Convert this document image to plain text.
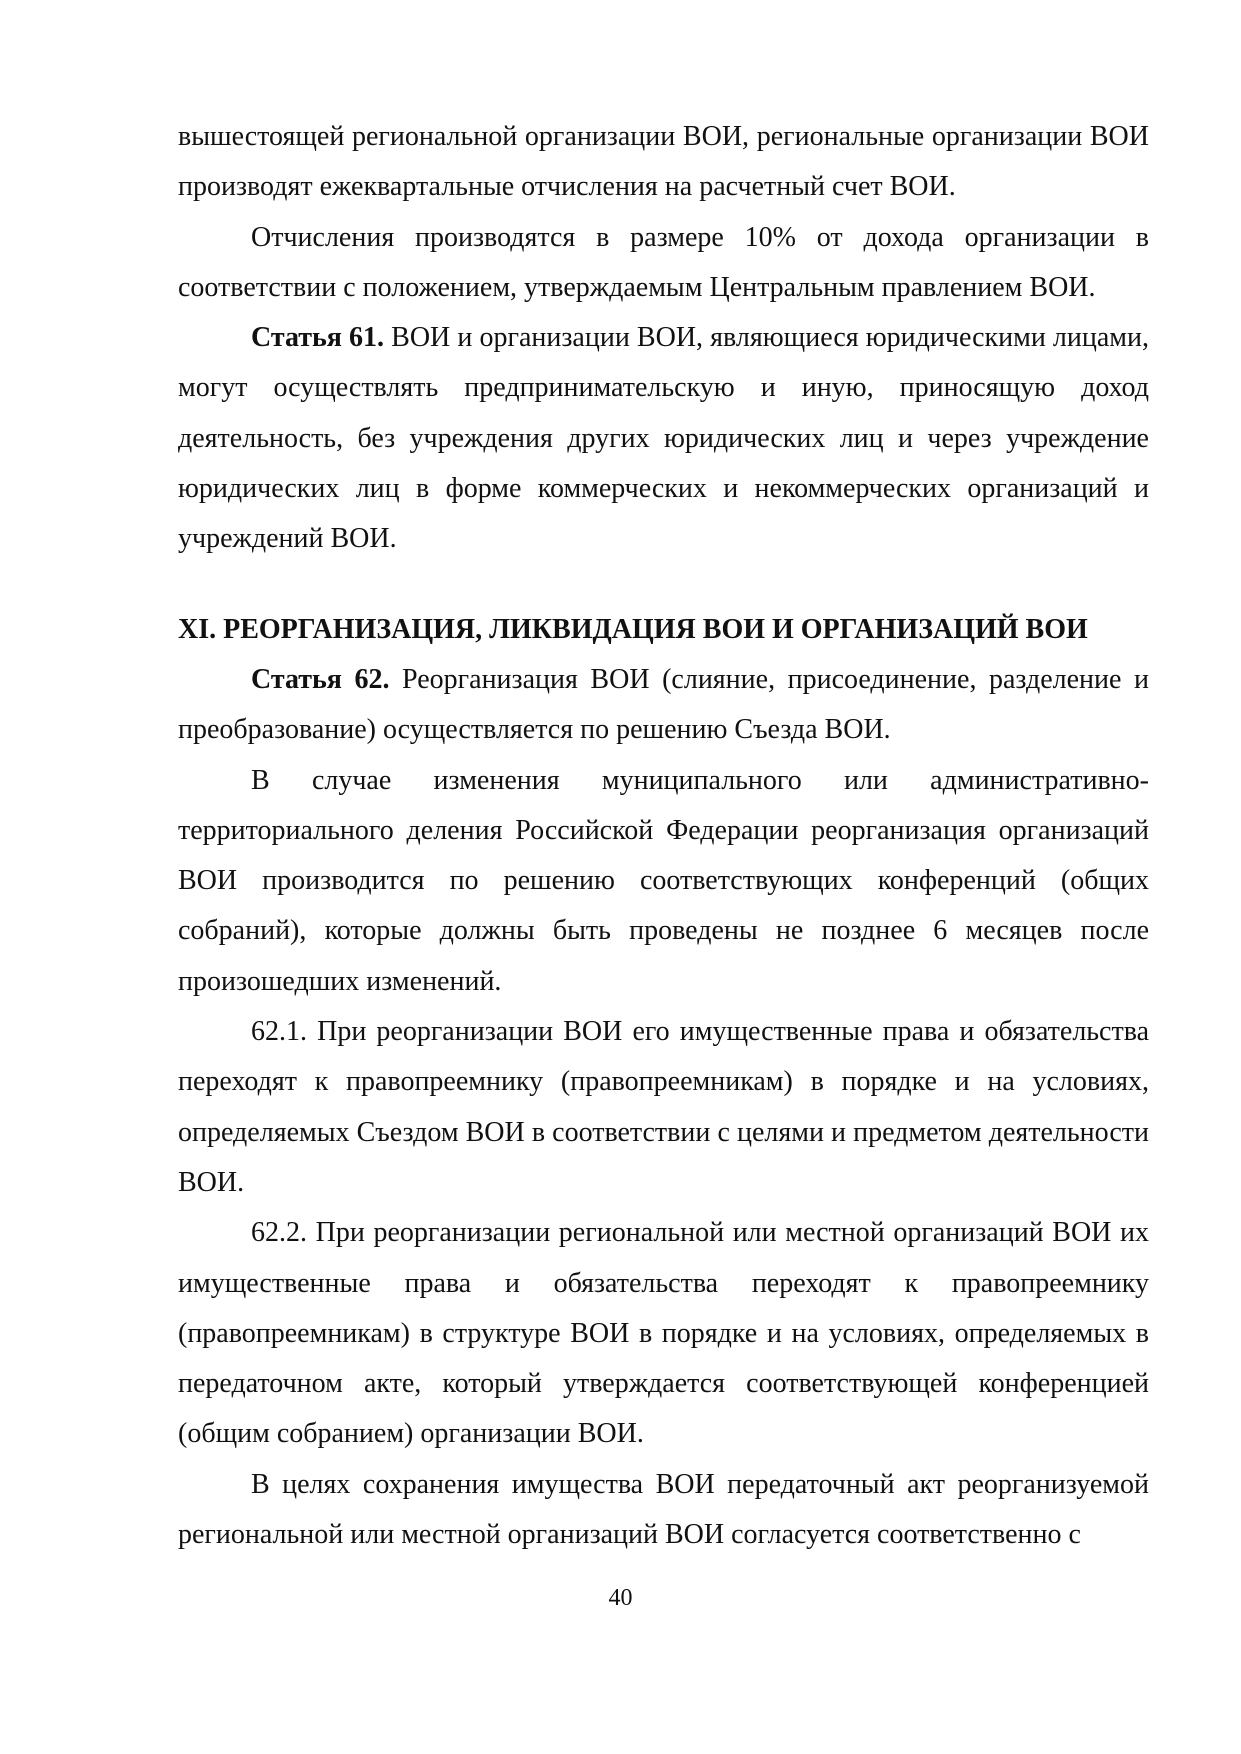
вышестоящей региональной организации ВОИ, региональные организации ВОИ производят ежеквартальные отчисления на расчетный счет ВОИ.

Отчисления производятся в размере 10% от дохода организации в соответствии с положением, утверждаемым Центральным правлением ВОИ.

Статья 61. ВОИ и организации ВОИ, являющиеся юридическими лицами, могут осуществлять предпринимательскую и иную, приносящую доход деятельность, без учреждения других юридических лиц и через учреждение юридических лиц в форме коммерческих и некоммерческих организаций и учреждений ВОИ.

XI. РЕОРГАНИЗАЦИЯ, ЛИКВИДАЦИЯ ВОИ И ОРГАНИЗАЦИЙ ВОИ

Статья 62. Реорганизация ВОИ (слияние, присоединение, разделение и преобразование) осуществляется по решению Съезда ВОИ.

В случае изменения муниципального или административно-территориального деления Российской Федерации реорганизация организаций ВОИ производится по решению соответствующих конференций (общих собраний), которые должны быть проведены не позднее 6 месяцев после произошедших изменений.

62.1. При реорганизации ВОИ его имущественные права и обязательства переходят к правопреемнику (правопреемникам) в порядке и на условиях, определяемых Съездом ВОИ в соответствии с целями и предметом деятельности ВОИ.

62.2. При реорганизации региональной или местной организаций ВОИ их имущественные права и обязательства переходят к правопреемнику (правопреемникам) в структуре ВОИ в порядке и на условиях, определяемых в передаточном акте, который утверждается соответствующей конференцией (общим собранием) организации ВОИ.

В целях сохранения имущества ВОИ передаточный акт реорганизуемой региональной или местной организаций ВОИ согласуется соответственно с

40
